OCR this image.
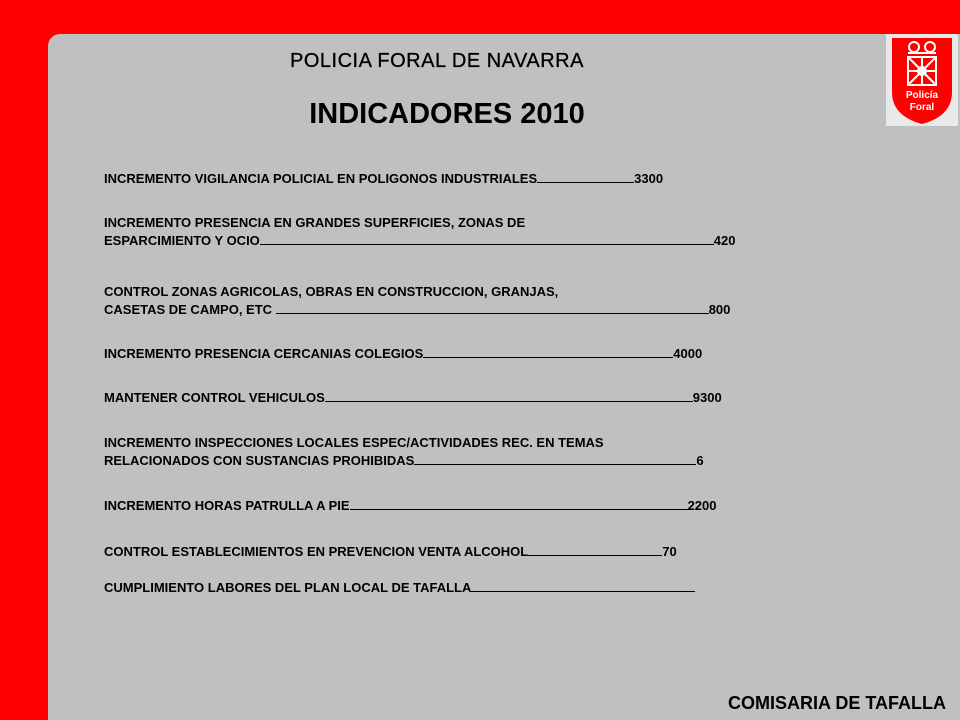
POLICIA FORAL DE NAVARRA
INDICADORES 2010
Policía
Foral
INCREMENTO VIGILANCIA POLICIAL EN POLIGONOS INDUSTRIALES	3300
INCREMENTO PRESENCIA EN GRANDES SUPERFICIES, ZONAS DE
ESPARCIMIENTO Y OCIO	420
CONTROL ZONAS AGRICOLAS, OBRAS EN CONSTRUCCION, GRANJAS,
CASETAS DE CAMPO, ETC	800
INCREMENTO PRESENCIA CERCANIAS COLEGIOS	4000
MANTENER CONTROL VEHICULOS	9300
INCREMENTO INSPECCIONES LOCALES ESPEC/ACTIVIDADES REC. EN TEMAS
RELACIONADOS CON SUSTANCIAS PROHIBIDAS	6
INCREMENTO HORAS PATRULLA A PIE	2200
CONTROL ESTABLECIMIENTOS EN PREVENCION VENTA ALCOHOL	70
CUMPLIMIENTO LABORES DEL PLAN LOCAL DE TAFALLA
COMISARIA DE TAFALLA
